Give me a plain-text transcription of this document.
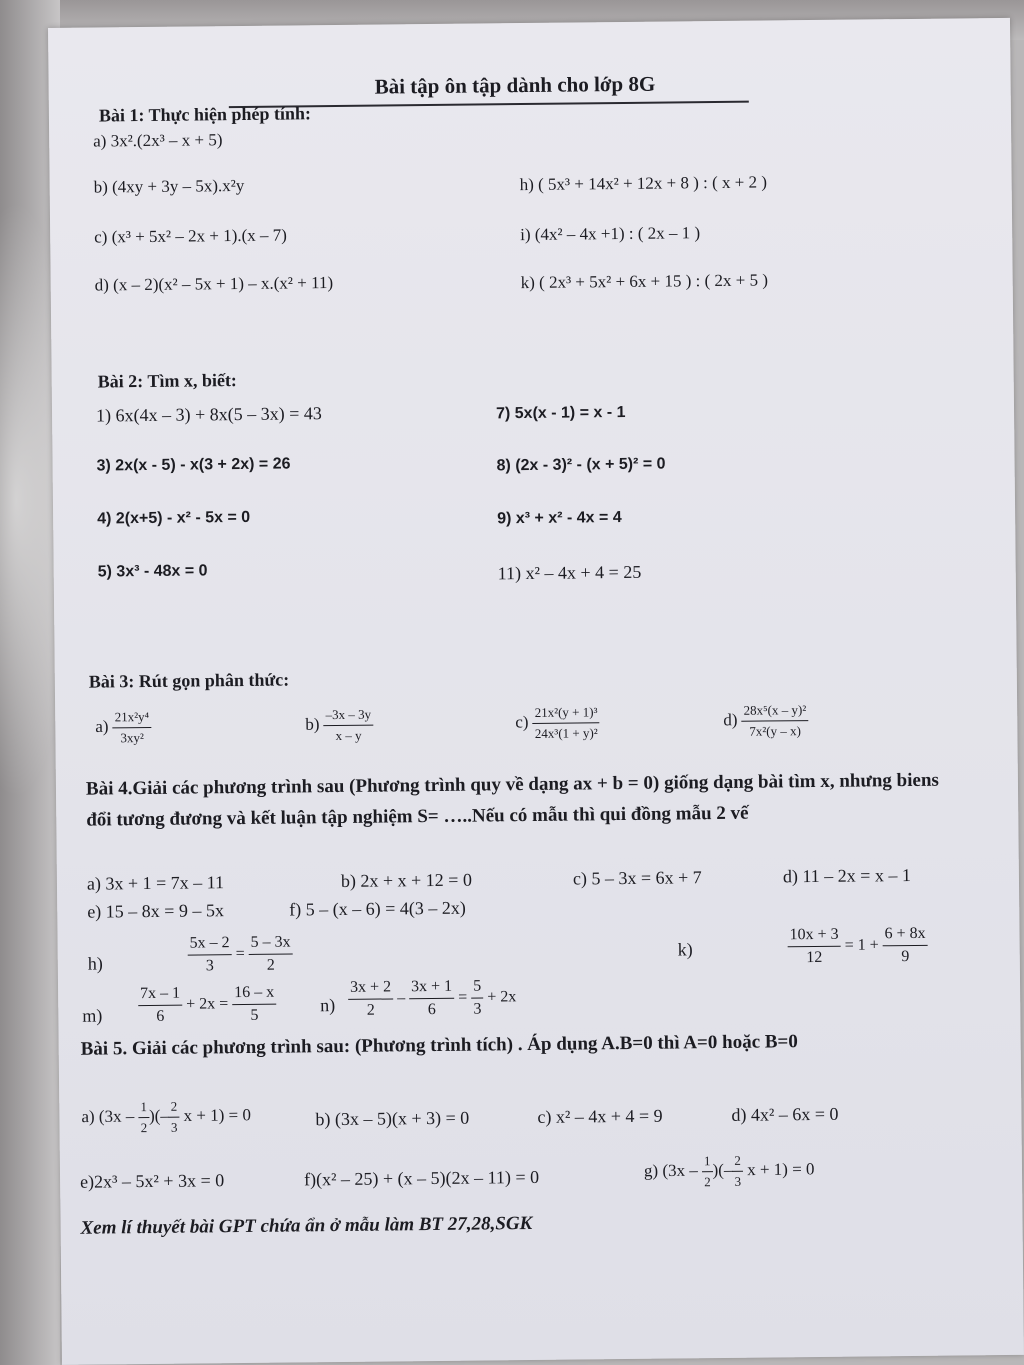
Bài tập ôn tập dành cho lớp 8G
Bài 1: Thực hiện phép tính:
a) 3x².(2x³ – x + 5)
b) (4xy + 3y – 5x).x²y
c) (x³ + 5x² – 2x + 1).(x – 7)
d) (x – 2)(x² – 5x + 1) – x.(x² + 11)
h) ( 5x³ + 14x² + 12x + 8 ) : ( x + 2 )
i) (4x² – 4x +1) : ( 2x – 1 )
k) ( 2x³ + 5x² + 6x + 15 ) : ( 2x + 5 )
Bài 2: Tìm x, biết:
1) 6x(4x – 3) + 8x(5 – 3x) = 43
3) 2x(x - 5) - x(3 + 2x) = 26
4) 2(x+5) - x² - 5x = 0
5) 3x³ - 48x = 0
7) 5x(x - 1) = x - 1
8) (2x - 3)² - (x + 5)² = 0
9) x³ + x² - 4x = 4
11) x² – 4x + 4 = 25
Bài 3: Rút gọn phân thức:
$a) \frac{\text{21x²y⁴}}{\text{3xy²}}$	$b) \frac{-3x - 3y}{x - y}$	$c) \frac{\text{21x²(y + 1)³}}{\text{24x³(1 + y)²}}$	$d) \frac{\text{28x⁵(x – y)²}}{\text{7x²(y – x)}}$
Bài 4.Giải các phương trình sau (Phương trình quy về dạng ax + b = 0) giống dạng bài tìm x, nhưng biens đổi tương đương và kết luận tập nghiệm S= …..Nếu có mẫu thì qui đồng mẫu 2 vế
a) 3x + 1 = 7x – 11	b) 2x + x + 12 = 0	c) 5 – 3x = 6x + 7	d) 11 – 2x = x – 1
e) 15 – 8x = 9 – 5x	f) 5 – (x – 6) = 4(3 – 2x)
h)	$\frac{5x - 2}{3} = \frac{5 - 3x}{2}$	k)	$\frac{10x + 3}{12} = 1 + \frac{6 + 8x}{9}$
$m) \frac{7x - 1}{6} + 2x = \frac{16 - x}{5} n) \frac{3x + 2}{2} - \frac{3x + 1}{6} = \frac{5}{3} + 2x$
Bài 5. Giải các phương trình sau: (Phương trình tích) . Áp dụng A.B=0 thì A=0 hoặc B=0
a) ($3x - \frac{1}{2}$ )(– $\frac{2}{3}$ x + 1) = 0	b) (3x – 5)(x + 3) = 0	c) x² – 4x + 4 = 9	d) 4x² – 6x = 0
e)2x³ – 5x² + 3x = 0	f)(x² – 25) + (x – 5)(2x – 11) = 0	g) ($3x - \frac{1}{2}$ )(– $\frac{2}{3}$ x + 1) = 0
Xem lí thuyết bài GPT chứa ẩn ở mẫu làm BT 27,28,SGK
